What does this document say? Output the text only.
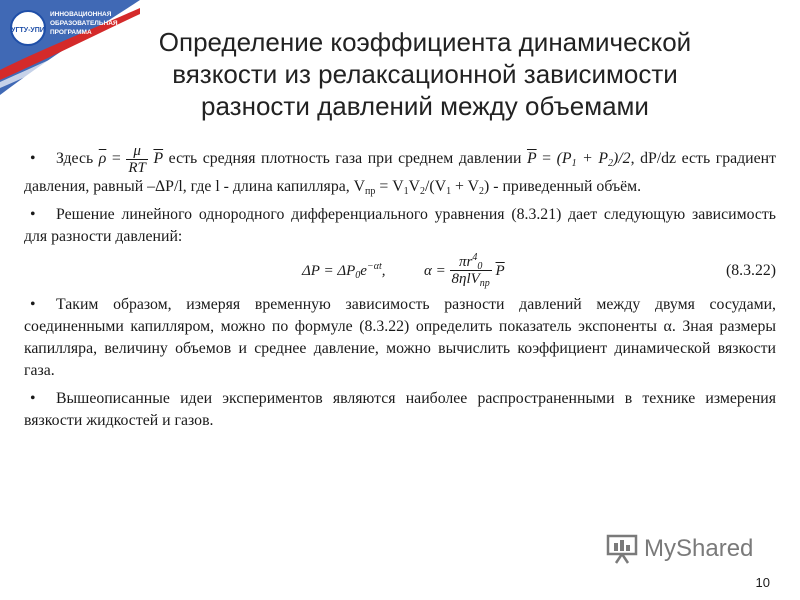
УГТУ-УПИ
ИННОВАЦИОННАЯ
ОБРАЗОВАТЕЛЬНАЯ
ПРОГРАММА	Определение коэффициента динамической
вязкости из релаксационной зависимости
разности давлений между объемами

• Здесь $\overline{\rho} = \frac{\mu}{RT} \overline{P}$ есть средняя плотность газа при среднем давлении $\overline{P} = (P_1 + P_2)/2$, dP/dz есть градиент давления, равный –ΔP/l, где l - длина капилляра, $V_{пр} = V_1V_2/(V_1 + V_2)$ - приведенный объём.

• Решение линейного однородного дифференциального уравнения (8.3.21) дает следующую зависимость для разности давлений:

$\Delta P = \Delta P_0e^{-\alpha t}$,	α =
$\frac{\pi r^4_0}{8\eta lV_{пр}}$
$\overline{P}$	(8.3.22)

• Таким образом, измеряя временную зависимость разности давлений между двумя сосудами, соединенными капилляром, можно по формуле (8.3.22) определить показатель экспоненты α. Зная размеры капилляра, величину объемов и среднее давление, можно вычислить коэффициент динамической вязкости газа.

• Вышеописанные идеи экспериментов являются наиболее распространенными в технике измерения вязкости жидкостей и газов.

MyShared
10
